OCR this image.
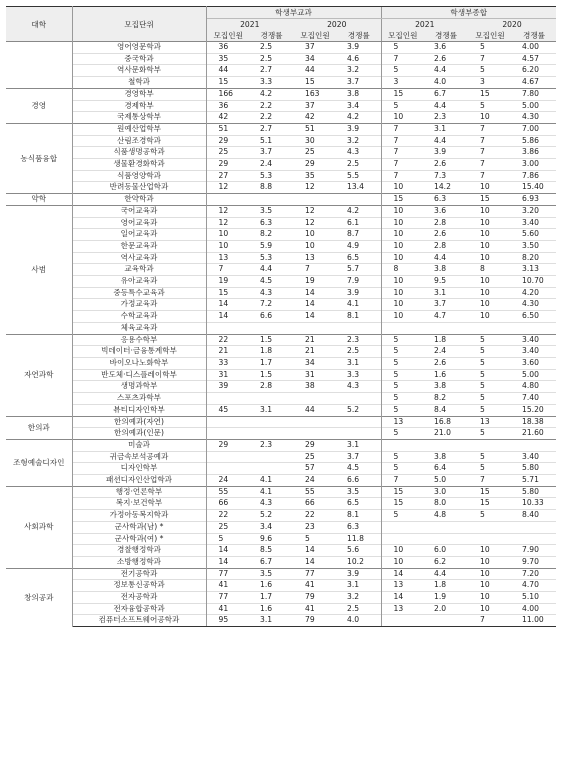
대학	모집단위	학생부교과				학생부종합			
		2021		2020		2021		2020	
		모집인원	경쟁률	모집인원	경쟁률	모집인원	경쟁률	모집인원	경쟁률
	영어영문학과	36	2.5	37	3.9	5	3.6	5	4.00
	중국학과	35	2.5	34	4.6	7	2.6	7	4.57
	역사문화학부	44	2.7	44	3.2	5	4.4	5	6.20
	철학과	15	3.3	15	3.7	3	4.0	3	4.67
경영	경영학부	166	4.2	163	3.8	15	6.7	15	7.80
	경제학부	36	2.2	37	3.4	5	4.4	5	5.00
	국제통상학부	42	2.2	42	4.2	10	2.3	10	4.30
농식품융합	원예산업학부	51	2.7	51	3.9	7	3.1	7	7.00
	산림조경학과	29	5.1	30	3.2	7	4.4	7	5.86
	식품생명공학과	25	3.7	25	4.3	7	3.9	7	3.86
	생물환경화학과	29	2.4	29	2.5	7	2.6	7	3.00
	식품영양학과	27	5.3	35	5.5	7	7.3	7	7.86
	반려동물산업학과	12	8.8	12	13.4	10	14.2	10	15.40
약학	한약학과					15	6.3	15	6.93
사범	국어교육과	12	3.5	12	4.2	10	3.6	10	3.20
	영어교육과	12	6.3	12	6.1	10	2.8	10	3.40
	일어교육과	10	8.2	10	8.7	10	2.6	10	5.60
	한문교육과	10	5.9	10	4.9	10	2.8	10	3.50
	역사교육과	13	5.3	13	6.5	10	4.4	10	8.20
	교육학과	7	4.4	7	5.7	8	3.8	8	3.13
	유아교육과	19	4.5	19	7.9	10	9.5	10	10.70
	중등특수교육과	15	4.3	14	3.9	10	3.1	10	4.20
	가정교육과	14	7.2	14	4.1	10	3.7	10	4.30
	수학교육과	14	6.6	14	8.1	10	4.7	10	6.50
	체육교육과								
자연과학	응용수학부	22	1.5	21	2.3	5	1.8	5	3.40
	빅데이터·금융통계학부	21	1.8	21	2.5	5	2.4	5	3.40
	바이오나노화학부	33	1.7	34	3.1	5	2.6	5	3.60
	반도체·디스플레이학부	31	1.5	31	3.3	5	1.6	5	5.00
	생명과학부	39	2.8	38	4.3	5	3.8	5	4.80
	스포츠과학부					5	8.2	5	7.40
	뷰티디자인학부	45	3.1	44	5.2	5	8.4	5	15.20
한의과	한의예과(자연)					13	16.8	13	18.38
	한의예과(인문)					5	21.0	5	21.60
조형예술디자인	미술과	29	2.3	29	3.1				
	귀금속보석공예과			25	3.7	5	3.8	5	3.40
	디자인학부			57	4.5	5	6.4	5	5.80
	패션디자인산업학과	24	4.1	24	6.6	7	5.0	7	5.71
사회과학	행정·언론학부	55	4.1	55	3.5	15	3.0	15	5.80
	복지·보건학부	66	4.3	66	6.5	15	8.0	15	10.33
	가정아동복지학과	22	5.2	22	8.1	5	4.8	5	8.40
	군사학과(남) *	25	3.4	23	6.3				
	군사학과(여) *	5	9.6	5	11.8				
	경찰행정학과	14	8.5	14	5.6	10	6.0	10	7.90
	소방행정학과	14	6.7	14	10.2	10	6.2	10	9.70
창의공과	전기공학과	77	3.5	77	3.9	14	4.4	10	7.20
	정보통신공학과	41	1.6	41	3.1	13	1.8	10	4.70
	전자공학과	77	1.7	79	3.2	14	1.9	10	5.10
	전자융합공학과	41	1.6	41	2.5	13	2.0	10	4.00
	컴퓨터소프트웨어공학과	95	3.1	79	4.0			7	11.00
